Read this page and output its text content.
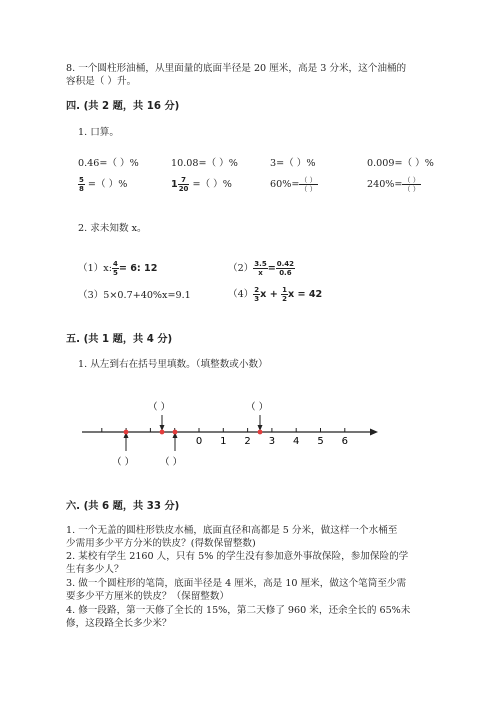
8. 一个圆柱形油桶，从里面量的底面半径是 20 厘米，高是 3 分米，这个油桶的
容积是（ ）升。
四. (共 2 题，共 16 分)
1. 口算。
0.46=（ ）%	10.08=（ ）%	3=（ ）%	0.009=（ ）%
$\frac{5}{8}$ =（ ）%	$1 \frac{7}{20}$ =（ ）%	$60\%= \frac{( )}{( )}$	$240\%= \frac{( )}{( )}$
2. 求未知数 x。
（1）x: $\frac{4}{5} = 6$: 12	$(2) \frac{3.5}{x} = \frac{0.42}{0.6}$
（3）5×0.7+40%x=9.1	$(4) \frac{2}{3}$ $x + \frac{1}{2}$ x = 42
五. (共 1 题，共 4 分)
1. 从左到右在括号里填数。（填整数或小数）
0 1 2 3 4 5 6
（ ）	（ ）
（ ）	（ ）
六. (共 6 题，共 33 分)
1. 一个无盖的圆柱形铁皮水桶，底面直径和高都是 5 分米，做这样一个水桶至
少需用多少平方分米的铁皮？(得数保留整数)
2. 某校有学生 2160 人，只有 5% 的学生没有参加意外事故保险，参加保险的学
生有多少人？
3. 做一个圆柱形的笔筒，底面半径是 4 厘米，高是 10 厘米，做这个笔筒至少需
要多少平方厘米的铁皮？（保留整数）
4. 修一段路，第一天修了全长的 15%，第二天修了 960 米，还余全长的 65%未
修，这段路全长多少米？
